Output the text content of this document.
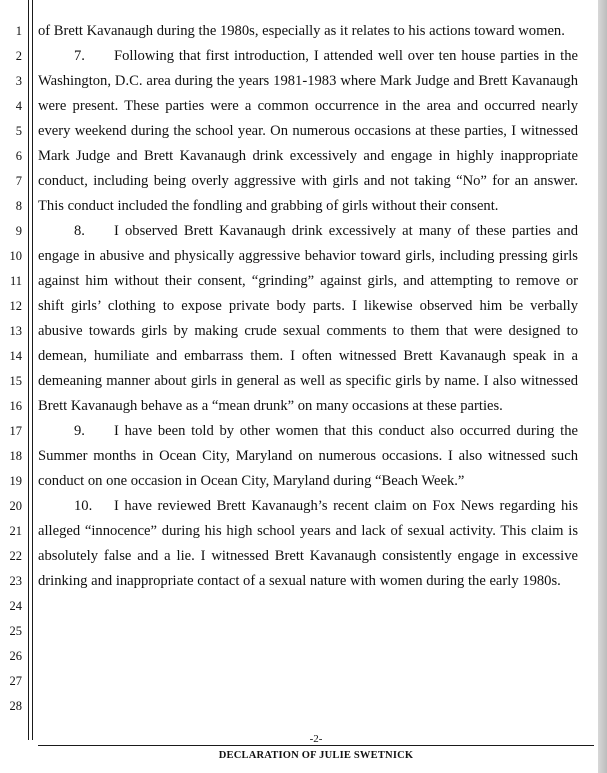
1
2
3
4
5
6
7
8
9
10
11
12
13
14
15
16
17
18
19
20
21
22
23
24
25
26
27
28

of Brett Kavanaugh during the 1980s, especially as it relates to his actions toward women.

7. Following that first introduction, I attended well over ten house parties in the Washington, D.C. area during the years 1981-1983 where Mark Judge and Brett Kavanaugh were present. These parties were a common occurrence in the area and occurred nearly every weekend during the school year. On numerous occasions at these parties, I witnessed Mark Judge and Brett Kavanaugh drink excessively and engage in highly inappropriate conduct, including being overly aggressive with girls and not taking “No” for an answer. This conduct included the fondling and grabbing of girls without their consent.

8. I observed Brett Kavanaugh drink excessively at many of these parties and engage in abusive and physically aggressive behavior toward girls, including pressing girls against him without their consent, “grinding” against girls, and attempting to remove or shift girls’ clothing to expose private body parts. I likewise observed him be verbally abusive towards girls by making crude sexual comments to them that were designed to demean, humiliate and embarrass them. I often witnessed Brett Kavanaugh speak in a demeaning manner about girls in general as well as specific girls by name. I also witnessed Brett Kavanaugh behave as a “mean drunk” on many occasions at these parties.

9. I have been told by other women that this conduct also occurred during the Summer months in Ocean City, Maryland on numerous occasions. I also witnessed such conduct on one occasion in Ocean City, Maryland during “Beach Week.”

10. I have reviewed Brett Kavanaugh’s recent claim on Fox News regarding his alleged “innocence” during his high school years and lack of sexual activity. This claim is absolutely false and a lie. I witnessed Brett Kavanaugh consistently engage in excessive drinking and inappropriate contact of a sexual nature with women during the early 1980s.

-2-
DECLARATION OF JULIE SWETNICK
